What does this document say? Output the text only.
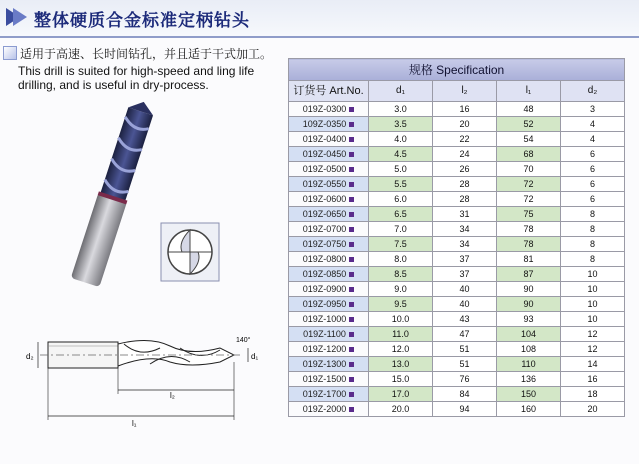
整体硬质合金标准定柄钻头
适用于高速、长时间钻孔，并且适于干式加工。
This drill is suited for high-speed and ling life drilling, and is useful in dry-process.
d₂	d₁
140°
l₂
l₁
规格 Specification				
订货号 Art.No.	d₁	l₂	l₁	d₂
019Z-0300	3.0	16	48	3
109Z-0350	3.5	20	52	4
019Z-0400	4.0	22	54	4
019Z-0450	4.5	24	68	6
019Z-0500	5.0	26	70	6
019Z-0550	5.5	28	72	6
019Z-0600	6.0	28	72	6
019Z-0650	6.5	31	75	8
019Z-0700	7.0	34	78	8
019Z-0750	7.5	34	78	8
019Z-0800	8.0	37	81	8
019Z-0850	8.5	37	87	10
019Z-0900	9.0	40	90	10
019Z-0950	9.5	40	90	10
019Z-1000	10.0	43	93	10
019Z-1100	11.0	47	104	12
019Z-1200	12.0	51	108	12
019Z-1300	13.0	51	110	14
019Z-1500	15.0	76	136	16
019Z-1700	17.0	84	150	18
019Z-2000	20.0	94	160	20
